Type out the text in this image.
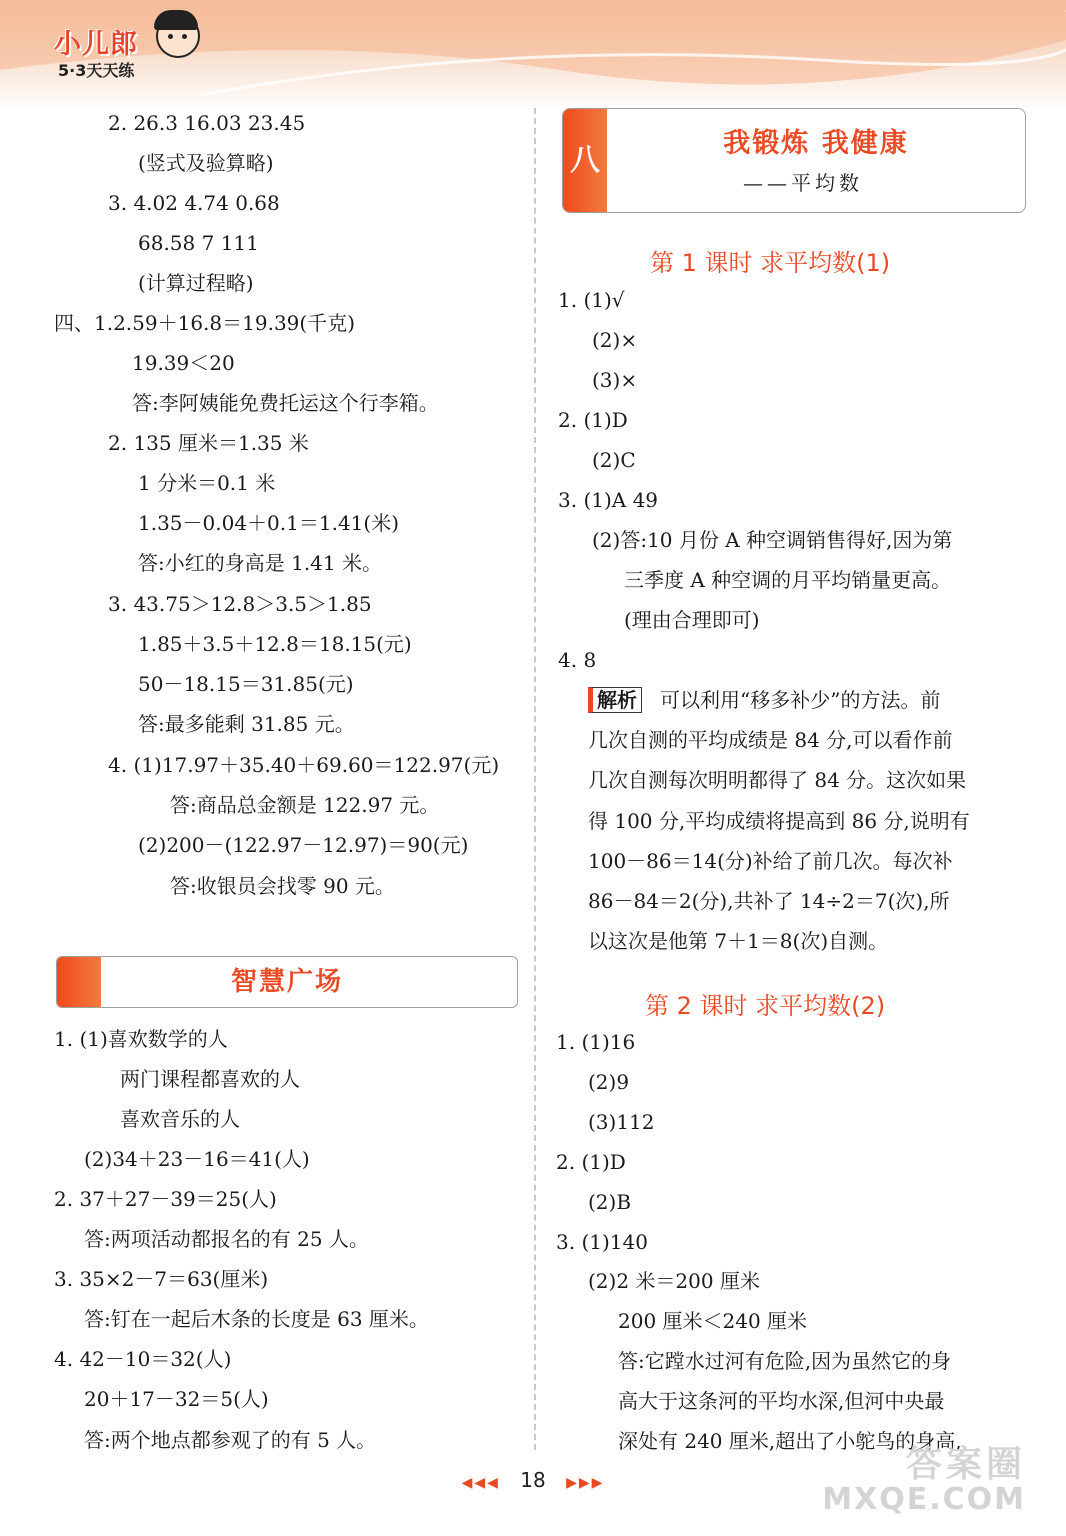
小儿郎
5·3天天练
2. 26.3 16.03 23.45
(竖式及验算略)
3. 4.02 4.74 0.68
68.58 7 111
(计算过程略)
四、1.2.59＋16.8＝19.39(千克)
19.39＜20
答:李阿姨能免费托运这个行李箱。
2. 135 厘米＝1.35 米
1 分米＝0.1 米
1.35－0.04＋0.1＝1.41(米)
答:小红的身高是 1.41 米。
3. 43.75＞12.8＞3.5＞1.85
1.85＋3.5＋12.8＝18.15(元)
50－18.15＝31.85(元)
答:最多能剩 31.85 元。
4. (1)17.97＋35.40＋69.60＝122.97(元)
答:商品总金额是 122.97 元。
(2)200－(122.97－12.97)＝90(元)
答:收银员会找零 90 元。
智慧广场
1. (1)喜欢数学的人
两门课程都喜欢的人
喜欢音乐的人
(2)34＋23－16＝41(人)
2. 37＋27－39＝25(人)
答:两项活动都报名的有 25 人。
3. 35×2－7＝63(厘米)
答:钉在一起后木条的长度是 63 厘米。
4. 42－10＝32(人)
20＋17－32＝5(人)
答:两个地点都参观了的有 5 人。
八	我锻炼 我健康
——平均数
第 1 课时 求平均数(1)
1. (1)√
(2)×
(3)×
2. (1)D
(2)C
3. (1)A 49
(2)答:10 月份 A 种空调销售得好,因为第
三季度 A 种空调的月平均销量更高。
(理由合理即可)
4. 8
解析 可以利用“移多补少”的方法。前
几次自测的平均成绩是 84 分,可以看作前
几次自测每次明明都得了 84 分。这次如果
得 100 分,平均成绩将提高到 86 分,说明有
100－86＝14(分)补给了前几次。每次补
86－84＝2(分),共补了 14÷2＝7(次),所
以这次是他第 7＋1＝8(次)自测。
第 2 课时 求平均数(2)
1. (1)16
(2)9
(3)112
2. (1)D
(2)B
3. (1)140
(2)2 米＝200 厘米
200 厘米＜240 厘米
答:它蹚水过河有危险,因为虽然它的身
高大于这条河的平均水深,但河中央最
深处有 240 厘米,超出了小鸵鸟的身高,
◀◀◀ 18 ▶▶▶	答案圈
MXQE.COM
